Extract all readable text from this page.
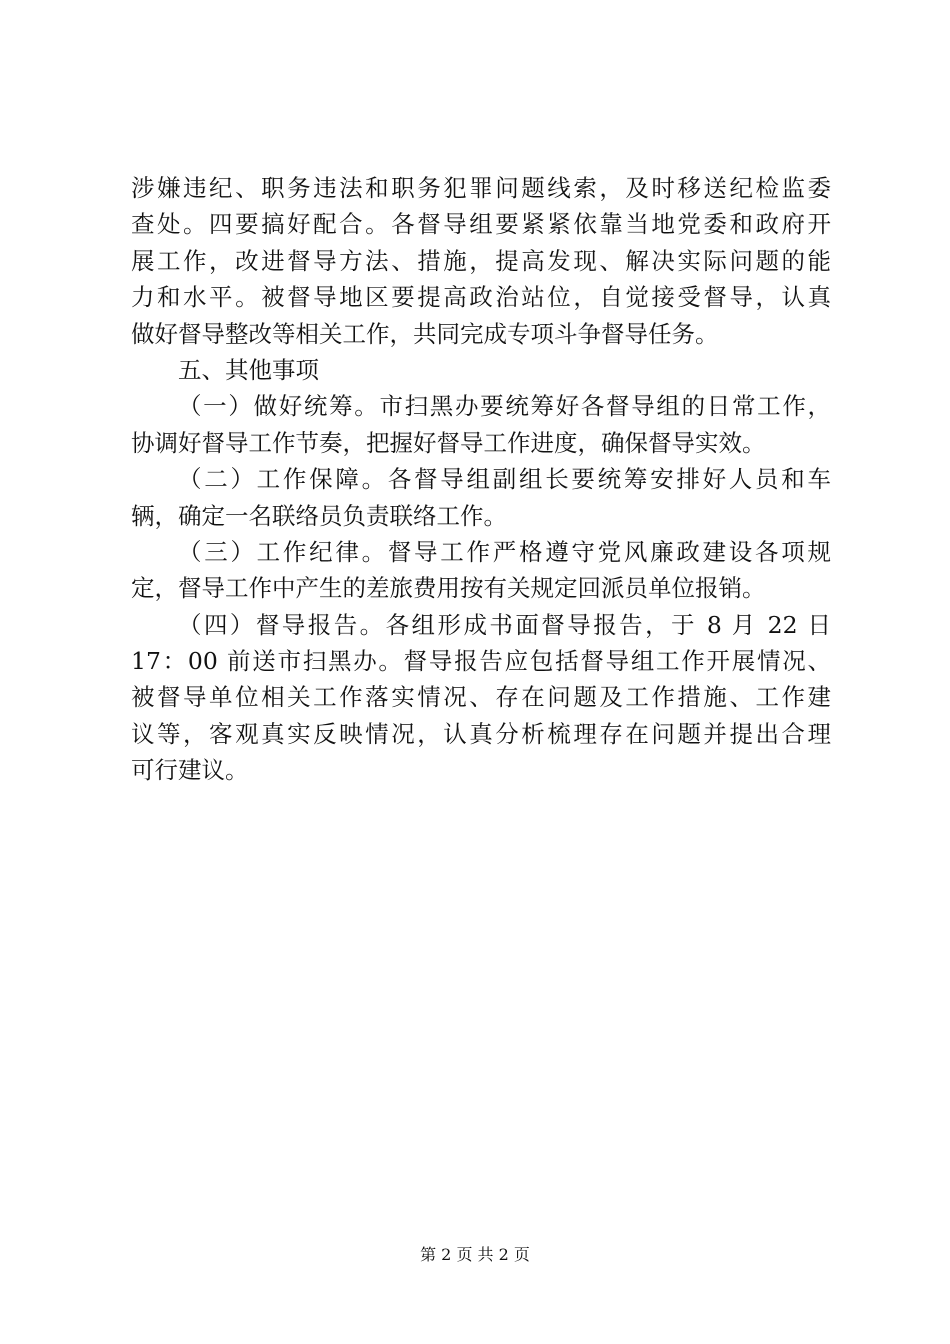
涉嫌违纪、职务违法和职务犯罪问题线索，及时移送纪检监委
查处。四要搞好配合。各督导组要紧紧依靠当地党委和政府开
展工作，改进督导方法、措施，提高发现、解决实际问题的能
力和水平。被督导地区要提高政治站位，自觉接受督导，认真
做好督导整改等相关工作，共同完成专项斗争督导任务。
五、其他事项
（一）做好统筹。市扫黑办要统筹好各督导组的日常工作，
协调好督导工作节奏，把握好督导工作进度，确保督导实效。
（二）工作保障。各督导组副组长要统筹安排好人员和车
辆，确定一名联络员负责联络工作。
（三）工作纪律。督导工作严格遵守党风廉政建设各项规
定，督导工作中产生的差旅费用按有关规定回派员单位报销。
（四）督导报告。各组形成书面督导报告，于 8 月 22 日
17：00 前送市扫黑办。督导报告应包括督导组工作开展情况、
被督导单位相关工作落实情况、存在问题及工作措施、工作建
议等，客观真实反映情况，认真分析梳理存在问题并提出合理
可行建议。
第 2 页 共 2 页
